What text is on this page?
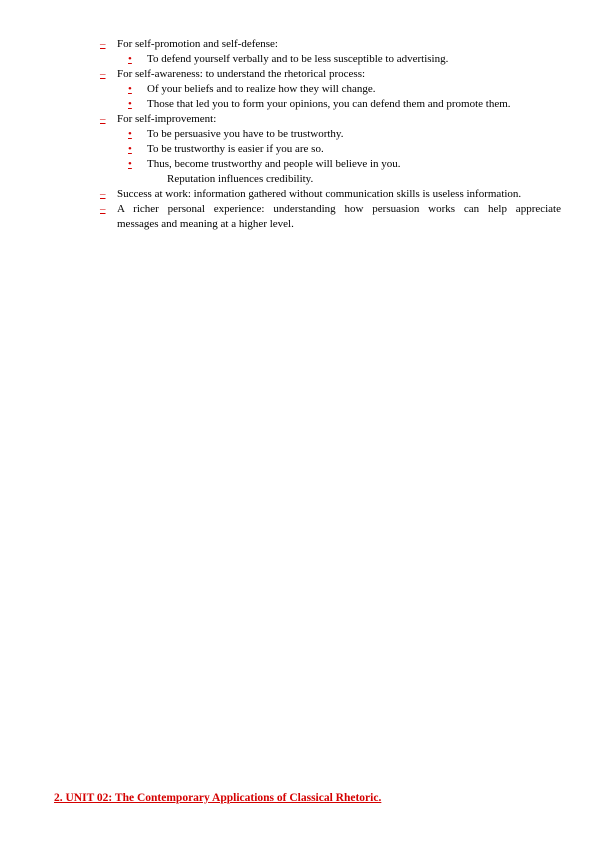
– For self-promotion and self-defense:
• To defend yourself verbally and to be less susceptible to advertising.
– For self-awareness: to understand the rhetorical process:
• Of your beliefs and to realize how they will change.
• Those that led you to form your opinions, you can defend them and promote them.
– For self-improvement:
• To be persuasive you have to be trustworthy.
• To be trustworthy is easier if you are so.
• Thus, become trustworthy and people will believe in you.
Reputation influences credibility.
– Success at work: information gathered without communication skills is useless information.
– A richer personal experience: understanding how persuasion works can help appreciate
messages and meaning at a higher level.
2. UNIT 02: The Contemporary Applications of Classical Rhetoric.
